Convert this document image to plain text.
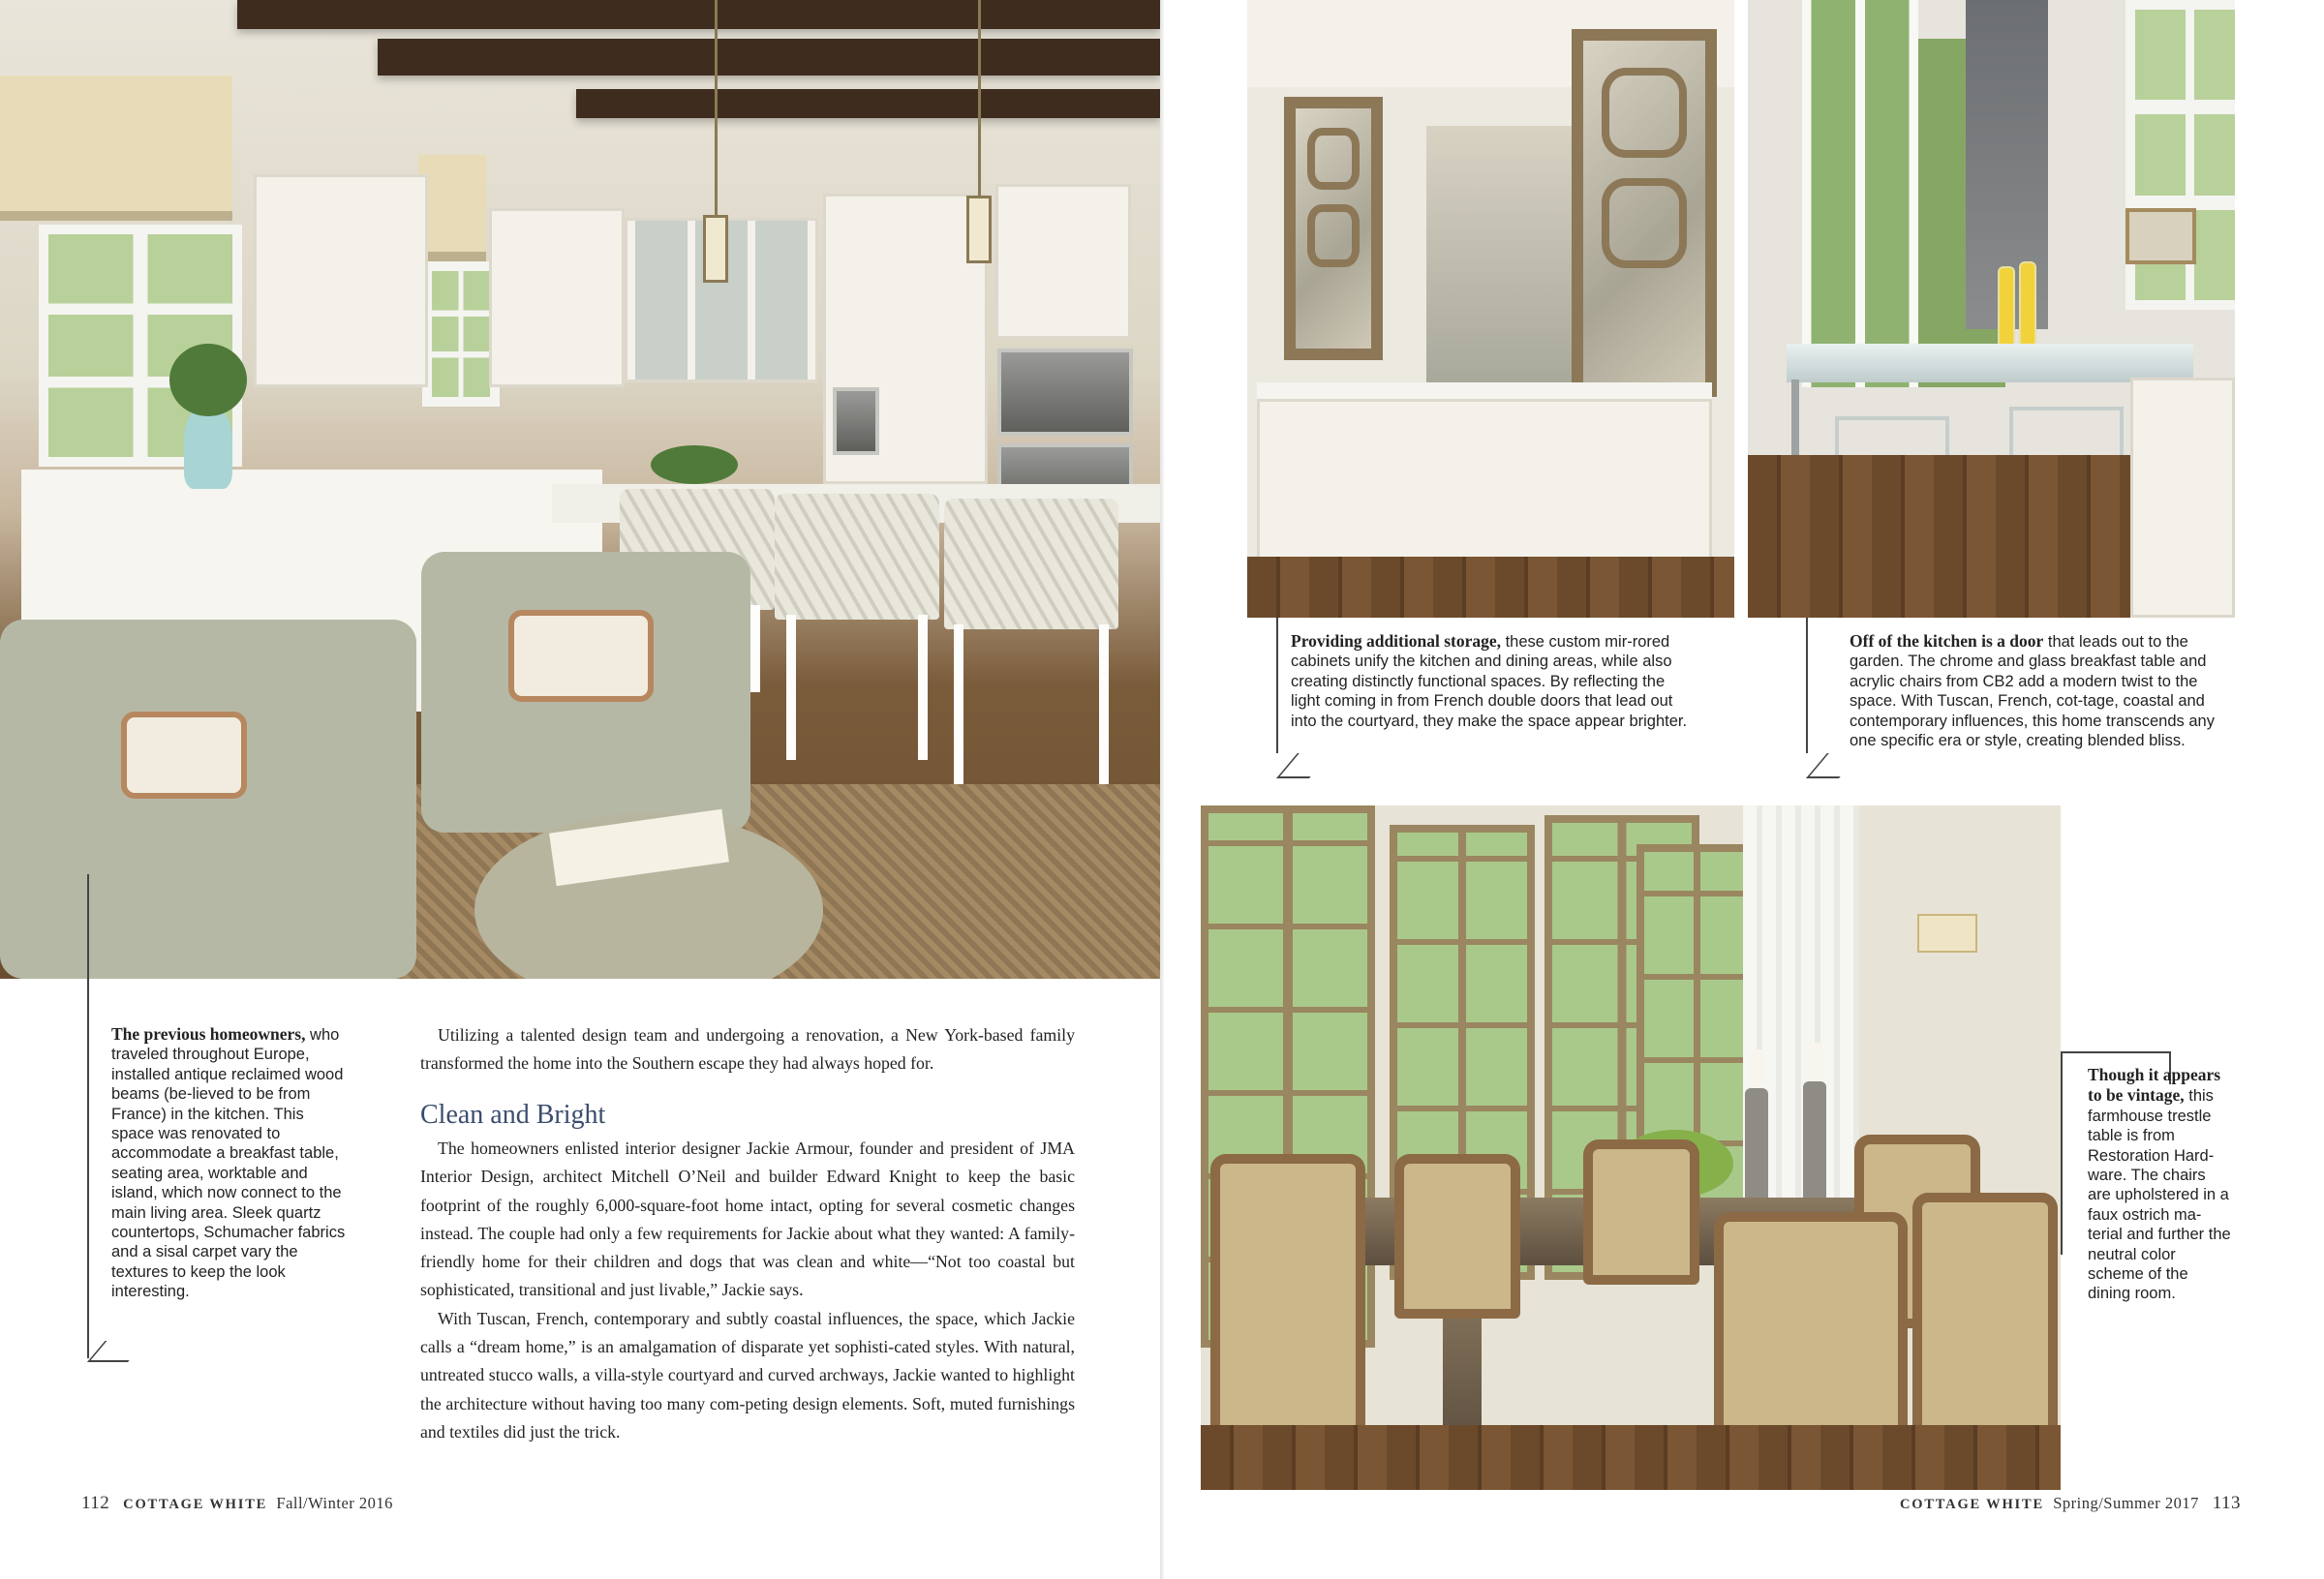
The previous homeowners, who traveled throughout Europe, installed antique reclaimed wood beams (be-lieved to be from France) in the kitchen. This space was renovated to accommodate a breakfast table, seating area, worktable and island, which now connect to the main living area. Sleek quartz countertops, Schumacher fabrics and a sisal carpet vary the textures to keep the look interesting.

Utilizing a talented design team and undergoing a renovation, a New York-based family transformed the home into the Southern escape they had always hoped for.

Clean and Bright

The homeowners enlisted interior designer Jackie Armour, founder and president of JMA Interior Design, architect Mitchell O’Neil and builder Edward Knight to keep the basic footprint of the roughly 6,000-square-foot home intact, opting for several cosmetic changes instead. The couple had only a few requirements for Jackie about what they wanted: A family-friendly home for their children and dogs that was clean and white—“Not too coastal but sophisticated, transitional and just livable,” Jackie says.

With Tuscan, French, contemporary and subtly coastal influences, the space, which Jackie calls a “dream home,” is an amalgamation of disparate yet sophisti-cated styles. With natural, untreated stucco walls, a villa-style courtyard and curved archways, Jackie wanted to highlight the architecture without having too many com-peting design elements. Soft, muted furnishings and textiles did just the trick.

112 COTTAGE WHITE Fall/Winter 2016
Providing additional storage, these custom mir-rored cabinets unify the kitchen and dining areas, while also creating distinctly functional spaces. By reflecting the light coming in from French double doors that lead out into the courtyard, they make the space appear brighter.
Off of the kitchen is a door that leads out to the garden. The chrome and glass breakfast table and acrylic chairs from CB2 add a modern twist to the space. With Tuscan, French, cot-tage, coastal and contemporary influences, this home transcends any one specific era or style, creating blended bliss.
Though it appears to be vintage, this farmhouse trestle table is from Restoration Hard-ware. The chairs are upholstered in a faux ostrich ma-terial and further the neutral color scheme of the dining room.
COTTAGE WHITE Spring/Summer 2017 113
